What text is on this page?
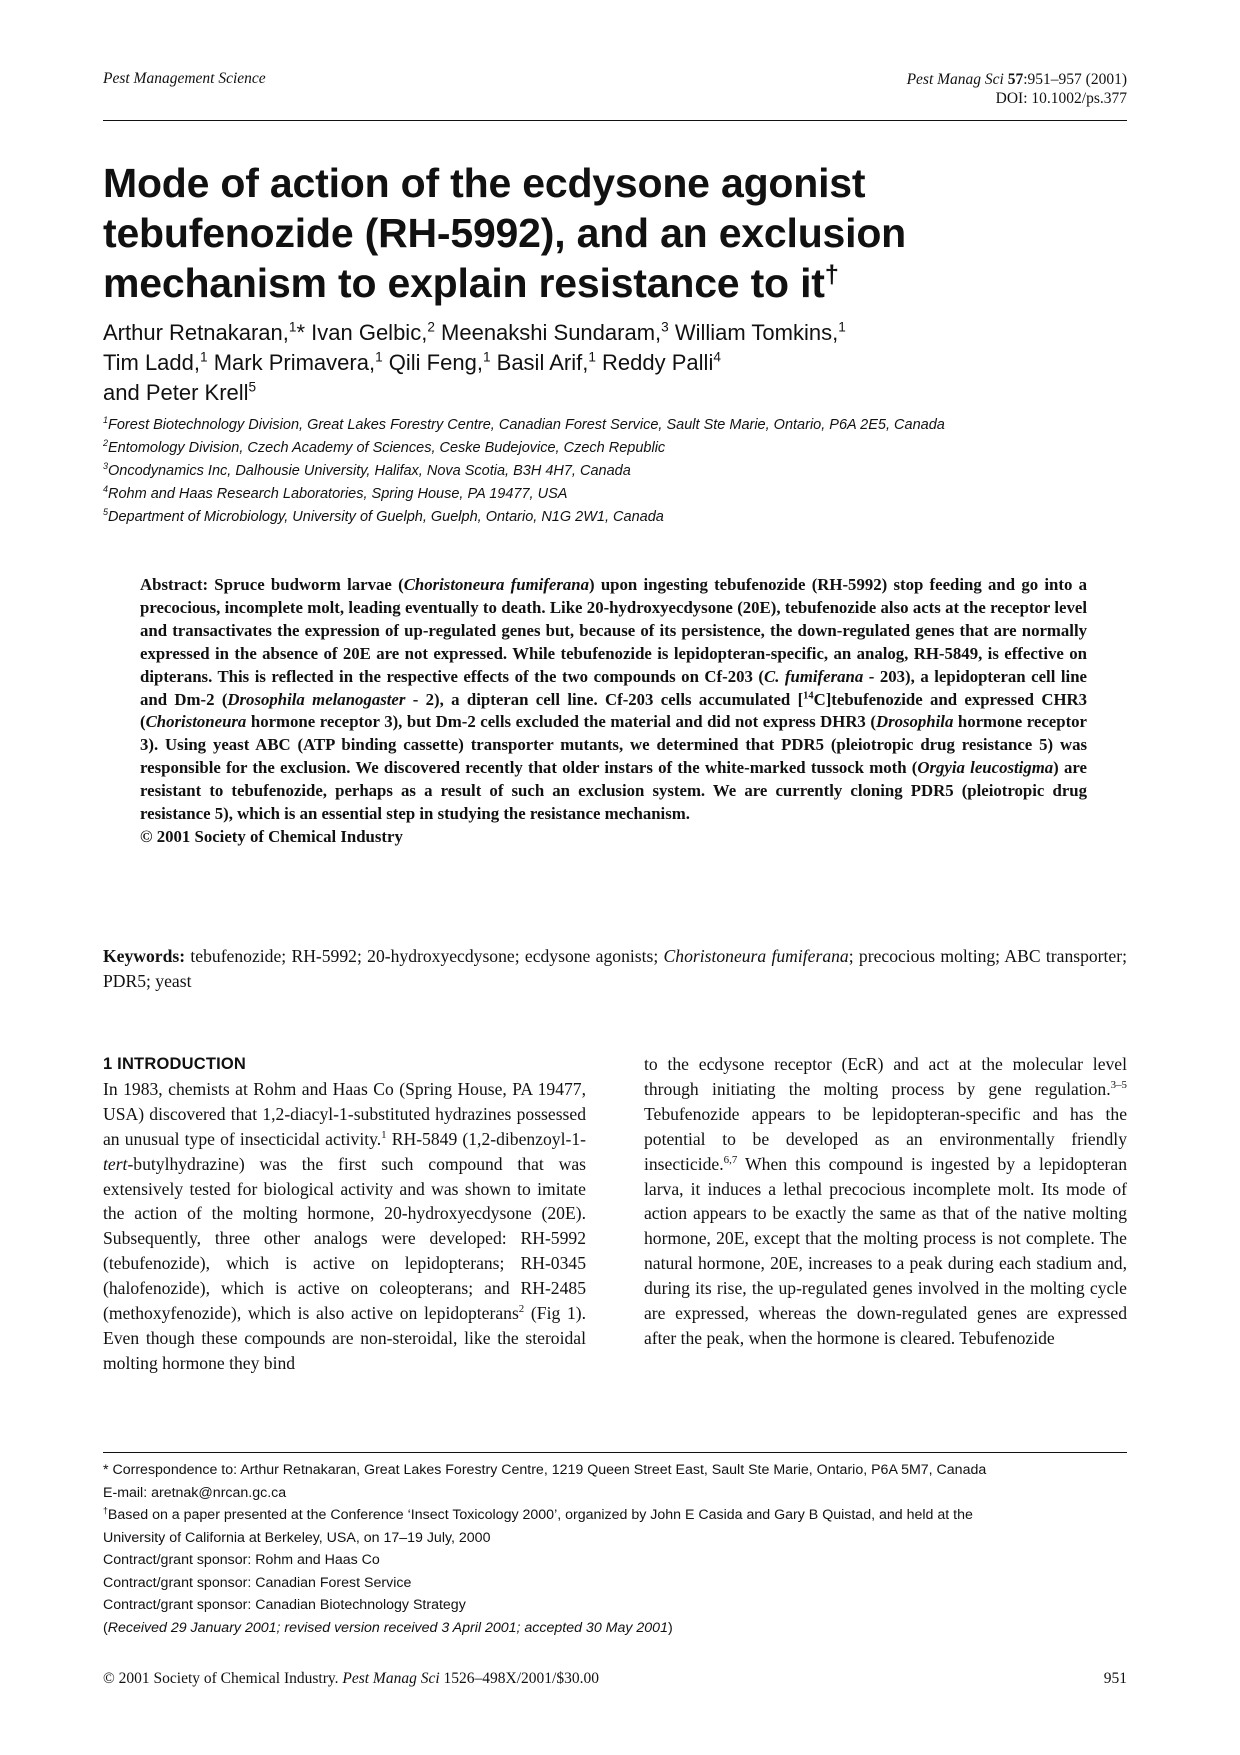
Pest Management Science	Pest Manag Sci 57:951–957 (2001)
DOI: 10.1002/ps.377
Mode of action of the ecdysone agonist
tebufenozide (RH-5992), and an exclusion
mechanism to explain resistance to it†
Arthur Retnakaran,$^1$* Ivan Gelbic,$^2$ Meenakshi Sundaram,$^3$ William Tomkins,$^1$
Tim Ladd,$^1$ Mark Primavera,$^1$ Qili Feng,$^1$ Basil Arif,$^1$ Reddy Palli$^4$
and Peter Krell$^5$
$^1$Forest Biotechnology Division, Great Lakes Forestry Centre, Canadian Forest Service, Sault Ste Marie, Ontario, P6A 2E5, Canada
$^2$Entomology Division, Czech Academy of Sciences, Ceske Budejovice, Czech Republic
$^3$Oncodynamics Inc, Dalhousie University, Halifax, Nova Scotia, B3H 4H7, Canada
$^4$Rohm and Haas Research Laboratories, Spring House, PA 19477, USA
$^5$Department of Microbiology, University of Guelph, Guelph, Ontario, N1G 2W1, Canada
Abstract: Spruce budworm larvae (Choristoneura fumiferana) upon ingesting tebufenozide (RH-5992) stop feeding and go into a precocious, incomplete molt, leading eventually to death. Like 20-hydroxyecdysone (20E), tebufenozide also acts at the receptor level and transactivates the expression of up-regulated genes but, because of its persistence, the down-regulated genes that are normally expressed in the absence of 20E are not expressed. While tebufenozide is lepidopteran-specific, an analog, RH-5849, is effective on dipterans. This is reflected in the respective effects of the two compounds on Cf-203 (C. fumiferana - 203), a lepidopteran cell line and Dm-2 (Drosophila melanogaster - 2), a dipteran cell line. Cf-203 cells accumulated [$^{14}$C]tebufenozide and expressed CHR3 (Choristoneura hormone receptor 3), but Dm-2 cells excluded the material and did not express DHR3 (Drosophila hormone receptor 3). Using yeast ABC (ATP binding cassette) transporter mutants, we determined that PDR5 (pleiotropic drug resistance 5) was responsible for the exclusion. We discovered recently that older instars of the white-marked tussock moth (Orgyia leucostigma) are resistant to tebufenozide, perhaps as a result of such an exclusion system. We are currently cloning PDR5 (pleiotropic drug resistance 5), which is an essential step in studying the resistance mechanism.
© 2001 Society of Chemical Industry
Keywords: tebufenozide; RH-5992; 20-hydroxyecdysone; ecdysone agonists; Choristoneura fumiferana; precocious molting; ABC transporter; PDR5; yeast
1 INTRODUCTION

In 1983, chemists at Rohm and Haas Co (Spring House, PA 19477, USA) discovered that 1,2-diacyl-1-substituted hydrazines possessed an unusual type of insecticidal activity.$^1$ RH-5849 (1,2-dibenzoyl-1-tert-butylhydrazine) was the first such compound that was extensively tested for biological activity and was shown to imitate the action of the molting hormone, 20-hydroxyecdysone (20E). Subsequently, three other analogs were developed: RH-5992 (tebufenozide), which is active on lepidopterans; RH-0345 (halofenozide), which is active on coleopterans; and RH-2485 (methoxyfenozide), which is also active on lepidopterans$^2$ (Fig 1). Even though these compounds are non-steroidal, like the steroidal molting hormone they bind

to the ecdysone receptor (EcR) and act at the molecular level through initiating the molting process by gene regulation.$^{3-5}$ Tebufenozide appears to be lepidopteran-specific and has the potential to be developed as an environmentally friendly insecticide.$^{6,7}$ When this compound is ingested by a lepidopteran larva, it induces a lethal precocious incomplete molt. Its mode of action appears to be exactly the same as that of the native molting hormone, 20E, except that the molting process is not complete. The natural hormone, 20E, increases to a peak during each stadium and, during its rise, the up-regulated genes involved in the molting cycle are expressed, whereas the down-regulated genes are expressed after the peak, when the hormone is cleared. Tebufenozide

* Correspondence to: Arthur Retnakaran, Great Lakes Forestry Centre, 1219 Queen Street East, Sault Ste Marie, Ontario, P6A 5M7, Canada
E-mail: aretnak@nrcan.gc.ca
†Based on a paper presented at the Conference ‘Insect Toxicology 2000’, organized by John E Casida and Gary B Quistad, and held at the
University of California at Berkeley, USA, on 17–19 July, 2000
Contract/grant sponsor: Rohm and Haas Co
Contract/grant sponsor: Canadian Forest Service
Contract/grant sponsor: Canadian Biotechnology Strategy
(Received 29 January 2001; revised version received 3 April 2001; accepted 30 May 2001)
© 2001 Society of Chemical Industry. Pest Manag Sci 1526–498X/2001/$30.00	951
